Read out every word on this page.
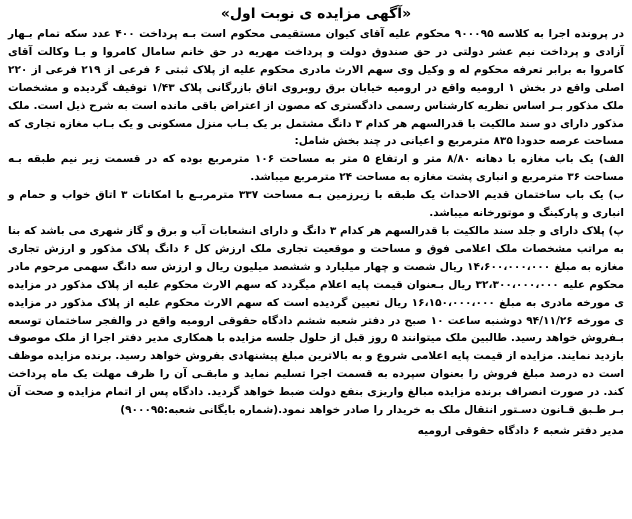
«آگهی مزایده ی نوبت اول»

در پرونده اجرا به کلاسه ۹۰۰۰۹۵ محکوم علیه آقای کیوان مستقیمی محکوم است بـه پرداخت ۴۰۰ عدد سکه تمام بـهار آزادی و پرداخت نیم عشر دولتی در حق صندوق دولت و پرداخت مهریه در حق خانم سامال کامروا و بـا وکالت آقای کامروا به برابر تعرفه محکوم له و وکیل وی سهم الارث مادری محکوم علیه از پلاک ثبتی ۶ فرعی از ۲۱۹ فرعی از ۲۲۰ اصلی واقع در بخش ۱ ارومیه واقع در ارومیه خیابان برق روبروی اتاق بازرگانی پلاک ۱/۴۳ توقیف گردیده و مشخصات ملک مذکور بـر اساس نظریه کارشناس رسمی دادگستری که مصون از اعتراض باقی مانده است به شرح ذیل است. ملک مذکور دارای دو سند مالکیت با قدرالسهم هر کدام ۳ دانگ مشتمل بر یک بـاب منزل مسکونی و یک بـاب مغازه تجاری که مساحت عرصه حدودا ۸۳۵ مترمربع و اعیانی در چند بخش شامل:

الف) یک باب مغازه با دهانه ۸/۸۰ متر و ارتفاع ۵ متر به مساحت ۱۰۶ مترمربع بوده که در قسمت زیر نیم طبقه بـه مساحت ۳۶ مترمربع و انباری پشت مغازه به مساحت ۲۴ مترمربع میباشد.

ب) یک باب ساختمان قدیم الاحداث یک طبقه با زیرزمین بـه مساحت ۳۳۷ مترمربـع با امکانات ۳ اتاق خواب و حمام و انباری و پارکینگ و موتورخانه میباشد.

پ) پلاک دارای و جلد سند مالکیت با قدرالسهم هر کدام ۳ دانگ و دارای انشعابات آب و برق و گاز شهری می باشد که بنا به مراتب مشخصات ملک اعلامی فوق و مساحت و موقعیت تجاری ملک ارزش کل ۶ دانگ پلاک مذکور و ارزش تجاری مغازه به مبلغ ۱۴،۶۰۰،۰۰۰،۰۰۰ ریال شصت و چهار میلیارد و ششصد میلیون ریال و ارزش سه دانگ سهمی مرحوم مادر محکوم علیه ۳۲،۳۰۰،۰۰۰،۰۰۰ ریال بـعنوان قیمت پایه اعلام میگردد که سهم الارث محکوم علیه از پلاک مذکور در مزایده ی مورخه مادری به مبلغ ۱۶،۱۵۰،۰۰۰،۰۰۰ ریال تعیین گردیده است که سهم الارث محکوم علیه از پلاک مذکور در مزایده ی مورخه ۹۴/۱۱/۲۶ دوشنبه ساعت ۱۰ صبح در دفتر شعبه ششم دادگاه حقوقی ارومیه واقع در والفجر ساختمان توسعه بـفروش خواهد رسید. طالبین ملک میتوانند ۵ روز قبل از حلول جلسه مزایده با همکاری مدیر دفتر اجرا از ملک موصوف بازدید نمایند. مزایده از قیمت پایه اعلامی شروع و به بالاترین مبلغ پیشنهادی بفروش خواهد رسید. برنده مزایده موظف است ده درصد مبلغ فروش را بعنوان سپرده به قسمت اجرا تسلیم نماید و مابقـی آن را ظرف مهلت یک ماه پرداخت کند. در صورت انصراف برنده مزایده مبالغ واریزی بنفع دولت ضبط خواهد گردید. دادگاه پس از اتمام مزایده و صحت آن بـر طـبق قـانون دسـتور انتقال ملک به خریدار را صادر خواهد نمود.(شماره بایگانی شعبه:۹۰۰۰۹۵)

مدیر دفتر شعبه ۶ دادگاه حقوقی ارومیه
